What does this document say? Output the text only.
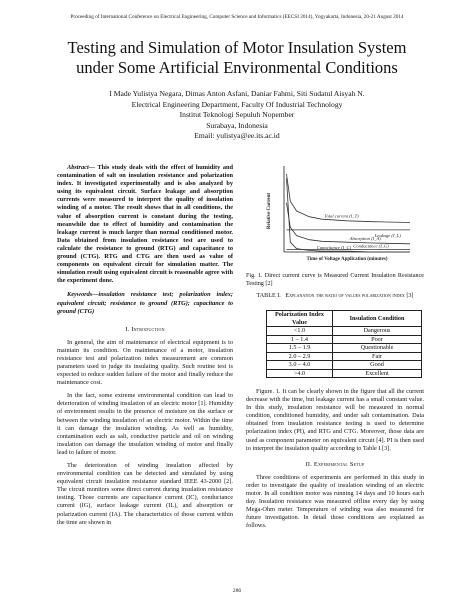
Proceeding of International Conference on Electrical Engineering, Computer Science and Informatics (EECSI 2014), Yogyakarta, Indonesia, 20-21 August 2014
Testing and Simulation of Motor Insulation System
under Some Artificial Environmental Conditions
I Made Yulistya Negara, Dimas Anton Asfani, Daniar Fahmi, Siti Sudatul Aisyah N.
Electrical Engineering Department, Faculty Of Industrial Technology
Institut Teknologi Sepuluh Nopember
Surabaya, Indonesia
Email: yulistya@ee.its.ac.id

Abstract— This study deals with the effect of humidity and contamination of salt on insulation resistance and polarization index. It investigated experimentally and is also analyzed by using its equivalent circuit. Surface leakage and absorption currents were measured to interpret the quality of insulation winding of a motor. The result shows that in all conditions, the value of absorption current is constant during the testing, meanwhile due to effect of humidity and contamination the leakage current is much larger than normal conditioned motor. Data obtained from insulation resistance test are used to calculate the resistance to ground (RTG) and capacitance to ground (CTG). RTG and CTG are then used as value of components on equivalent circuit for simulation matter. The simulation result using equivalent circuit is reasonable agree with the experiment done.

Keywords—insulation resistance test; polarization index; equivalent circuit; resistance to ground (RTG); capacitance to ground (CTG)

I. Introduction

In general, the aim of maintenance of electrical equipment is to maintain its condition. On maintenance of a motor, insulation resistance test and polarization index measurement are common parameters used to judge its insulating quality. Such routine test is expected to reduce sudden failure of the motor and finally reduce the maintenance cost.

In the fact, some extreme environmental condition can lead to deterioration of winding insulation of an electric motor [1]. Humidity of environment results in the presence of moisture on the surface or between the winding insulation of an electric motor. Within the time it can damage the insulation winding. As well as humidity, contamination such as salt, conductive particle and oil on winding insulation can damage the insulation winding of motor and finally lead to failure of motor.

The deterioration of winding insulation affected by environmental condition can be detected and simulated by using equivalent circuit insulation resistance standard IEEE 43-2000 [2]. The circuit monitors some direct current during insulation resistance testing. Those currents are capacitance current (IC), conductance current (IG), surface leakage current (IL), and absorption or polarization current (IA). The characteristics of those current within the time are shown in

Time of Voltage Application (minutes)
Relative Current	Total current (I_T)
Absorption (I_A)
Leakage (I_L)
Capacitance (I_C) Conductance (I_G)
Fig. 1. Direct current curve is Measured Current Insulation Resistance Testing [2]
TABLE I. Explanation the ratio of values polarization index [3]
Polarization Index Value	Insulation Condition
<1.0	Dangerous
1 – 1.4	Poor
1.5 – 1.9	Questionable
2.0 – 2.9	Fair
3.0 – 4.0	Good
>4.0	Excellent

Figure. 1. It can be clearly shown in the figure that all the current decrease with the time, but leakage current has a small constant value. In this study, insulation resistance will be measured in normal condition, conditioned humidity, and under salt contamination. Data obtained from insulation resistance testing is used to determine polarization index (PI), and RTG and CTG. Moreover, those data are used as component parameter on equivalent circuit [4]. PI is then used to interpret the insulation quality according to Table I [3].

II. Experimental Setup

Three conditions of experiments are performed in this study in order to investigate the quality of insulation winding of an electric motor. In all condition motor was running 14 days and 10 hours each day. Insulation resistance was measured offline every day by using Mega-Ohm meter. Temperature of winding was also measured for future investigation. In detail those conditions are explained as follows.

286
